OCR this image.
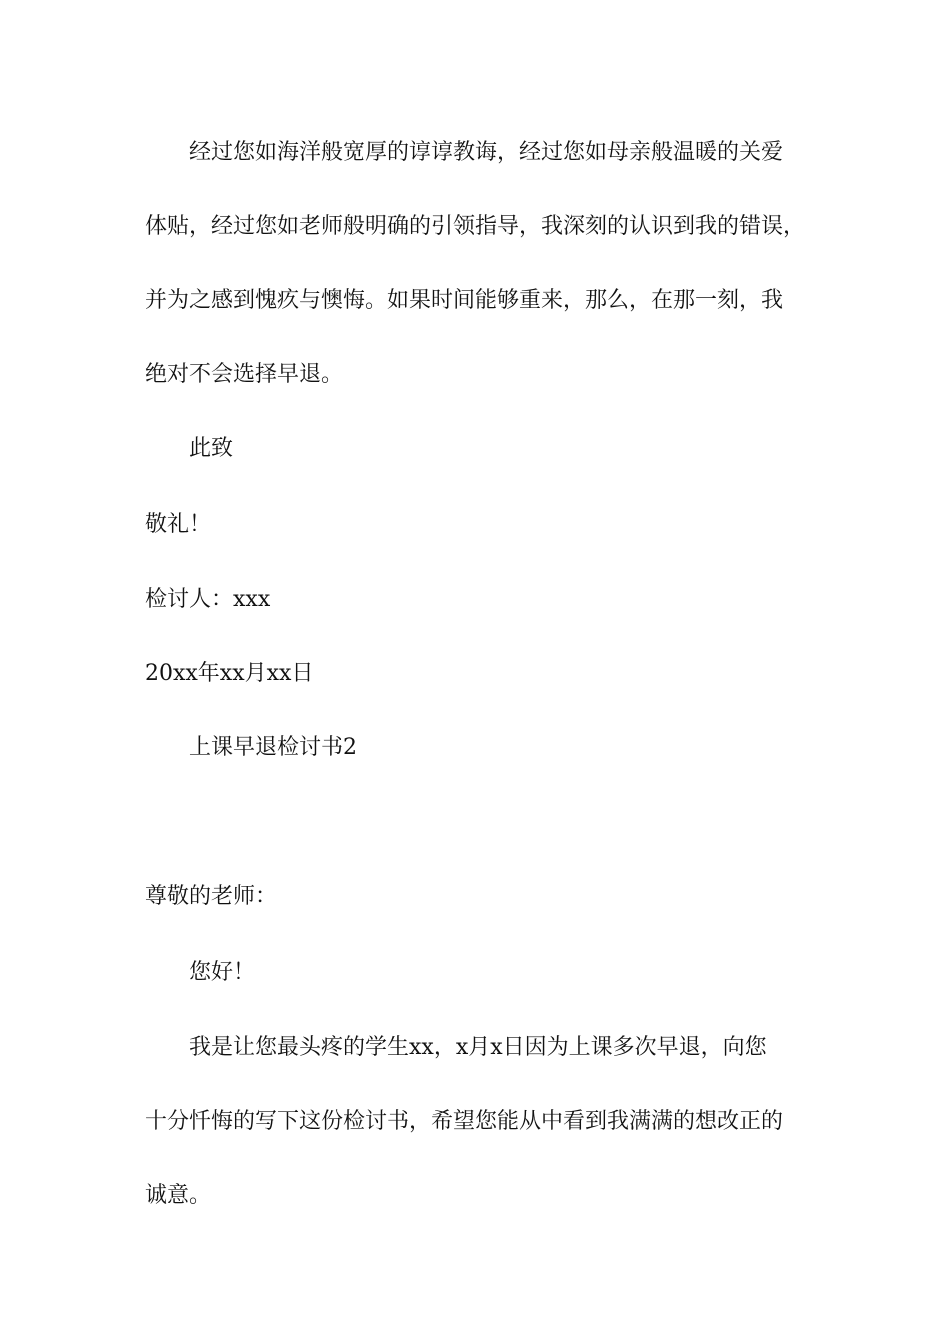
经过您如海洋般宽厚的谆谆教诲，经过您如母亲般温暖的关爱
体贴，经过您如老师般明确的引领指导，我深刻的认识到我的错误，
并为之感到愧疚与懊悔。如果时间能够重来，那么，在那一刻，我
绝对不会选择早退。
此致
敬礼！
检讨人：xxx
20xx年xx月xx日
上课早退检讨书2
尊敬的老师：
您好！
我是让您最头疼的学生xx，x月x日因为上课多次早退，向您
十分忏悔的写下这份检讨书，希望您能从中看到我满满的想改正的
诚意。
